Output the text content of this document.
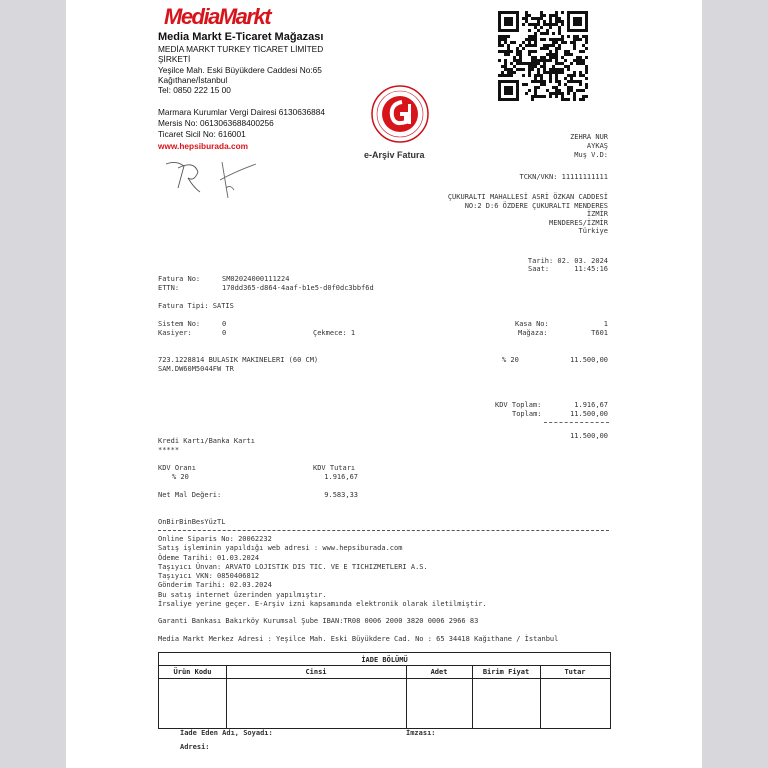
MediaMarkt
Media Markt E-Ticaret Mağazası
MEDİA MARKT TURKEY TİCARET LİMİTED
ŞİRKETİ
Yeşilce Mah. Eski Büyükdere Caddesi No:65
Kağıthane/İstanbul
Tel: 0850 222 15 00
Marmara Kurumlar Vergi Dairesi 6130636884
Mersis No: 0613063688400256
Ticaret Sicil No: 616001
www.hepsiburada.com
e-Arşiv Fatura
ZEHRA NUR
AYKAŞ
Muş V.D:
TCKN/VKN: 11111111111
ÇUKURALTI MAHALLESİ ASRİ ÖZKAN CADDESİ
NO:2 D:6 ÖZDERE ÇUKURALTI MENDERES
İZMİR
MENDERES/İZMİR
Türkiye
Tarih: 02. 03. 2024
Saat:	11:45:16
Fatura No:	SM02024000111224
ETTN:	170dd365-d864-4aaf-b1e5-d0f0dc3bbf6d
Fatura Tipi: SATIS
Sistem No:	0
Kasiyer:	0	Çekmece: 1
Kasa No:	1
Mağaza:	T601
723.1228814 BULASIK MAKINELERI (60 CM)
SAM.DW60M5044FW TR
% 20	11.500,00
KDV Toplam:	1.916,67
Toplam:	11.500,00
11.500,00
Kredi Kartı/Banka Kartı
*****
KDV Oranı
% 20
KDV Tutarı
1.916,67
Net Mal Değeri:	9.583,33
OnBirBinBesYüzTL
Online Siparis No: 20062232
Satış işleminin yapıldığı web adresi : www.hepsiburada.com
Ödeme Tarihi: 01.03.2024
Taşıyıcı Ünvan: ARVATO LOJISTIK DIS TIC. VE E TICHIZMETLERI A.S.
Taşıyıcı VKN: 0850406812
Gönderim Tarihi: 02.03.2024
Bu satış internet üzerinden yapılmıştır.
İrsaliye yerine geçer. E-Arşiv izni kapsamında elektronik olarak iletilmiştir.
Garanti Bankası Bakırköy Kurumsal Şube IBAN:TR08 0006 2000 3820 0006 2966 83
Media Markt Merkez Adresi : Yeşilce Mah. Eski Büyükdere Cad. No : 65 34418 Kağıthane / İstanbul
İADE BÖLÜMÜ
Ürün Kodu	Cinsi	Adet	Birim Fiyat	Tutar
İade Eden Adı, Soyadı:
Adresi:
İmzası:
